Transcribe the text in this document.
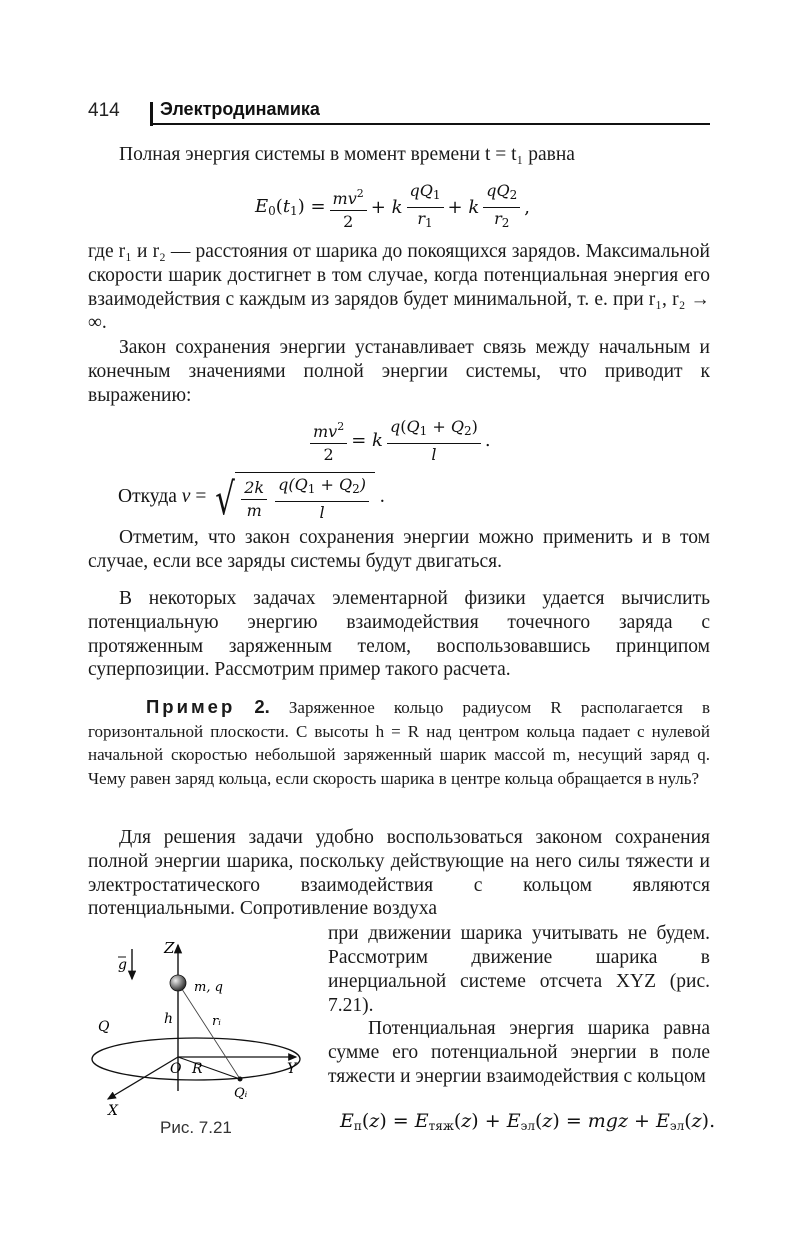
414 Электродинамика

Полная энергия системы в момент времени t = t₁ равна

$E_0(t_1) = \frac{mv^2}{2}$ +
k $\frac{qQ_1}{r_1}$ +
k $\frac{qQ_2}{r_2}$ ,

где r₁ и r₂ — расстояния от шарика до покоящихся зарядов. Максимальной скорости шарик достигнет в том случае, когда потенциальная энергия его взаимодействия с каждым из зарядов будет минимальной, т. е. при r₁, r₂ → ∞.

Закон сохранения энергии устанавливает связь между начальным и конечным значениями полной энергии системы, что приводит к выражению:

$\frac{mv^2}{2}$ =
k $\frac{q(Q_1 + Q_2)}{l}$ .
Откуда
v = √ $\frac{2k}{m} \frac{q(Q_1 + Q_2)}{l}$ .

Отметим, что закон сохранения энергии можно применить и в том случае, если все заряды системы будут двигаться.

В некоторых задачах элементарной физики удается вычислить потенциальную энергию взаимодействия точечного заряда с протяженным заряженным телом, воспользовавшись принципом суперпозиции. Рассмотрим пример такого расчета.

Пример 2. Заряженное кольцо радиусом R располагается в горизонтальной плоскости. С высоты h = R над центром кольца падает с нулевой начальной скоростью небольшой заряженный шарик массой m, несущий заряд q. Чему равен заряд кольца, если скорость шарика в центре кольца обращается в нуль?

Для решения задачи удобно воспользоваться законом сохранения полной энергии шарика, поскольку действующие на него силы тяжести и электростатического взаимодействия с кольцом являются потенциальными. Сопротивление воздуха

при движении шарика учитывать не будем. Рассмотрим движение шарика в инерциальной системе отсчета XYZ (рис. 7.21).

Потенциальная энергия шарика равна сумме его потенциальной энергии в поле тяжести и энергии взаимодействия с кольцом

$E_п(z) = E_{тяж}(z) + E_{эл}(z)$ = mgz + $E_{эл}(z)$.
g
Z
Y
X
m, q
h	rᵢ
Q
O R
Qᵢ
Рис. 7.21
